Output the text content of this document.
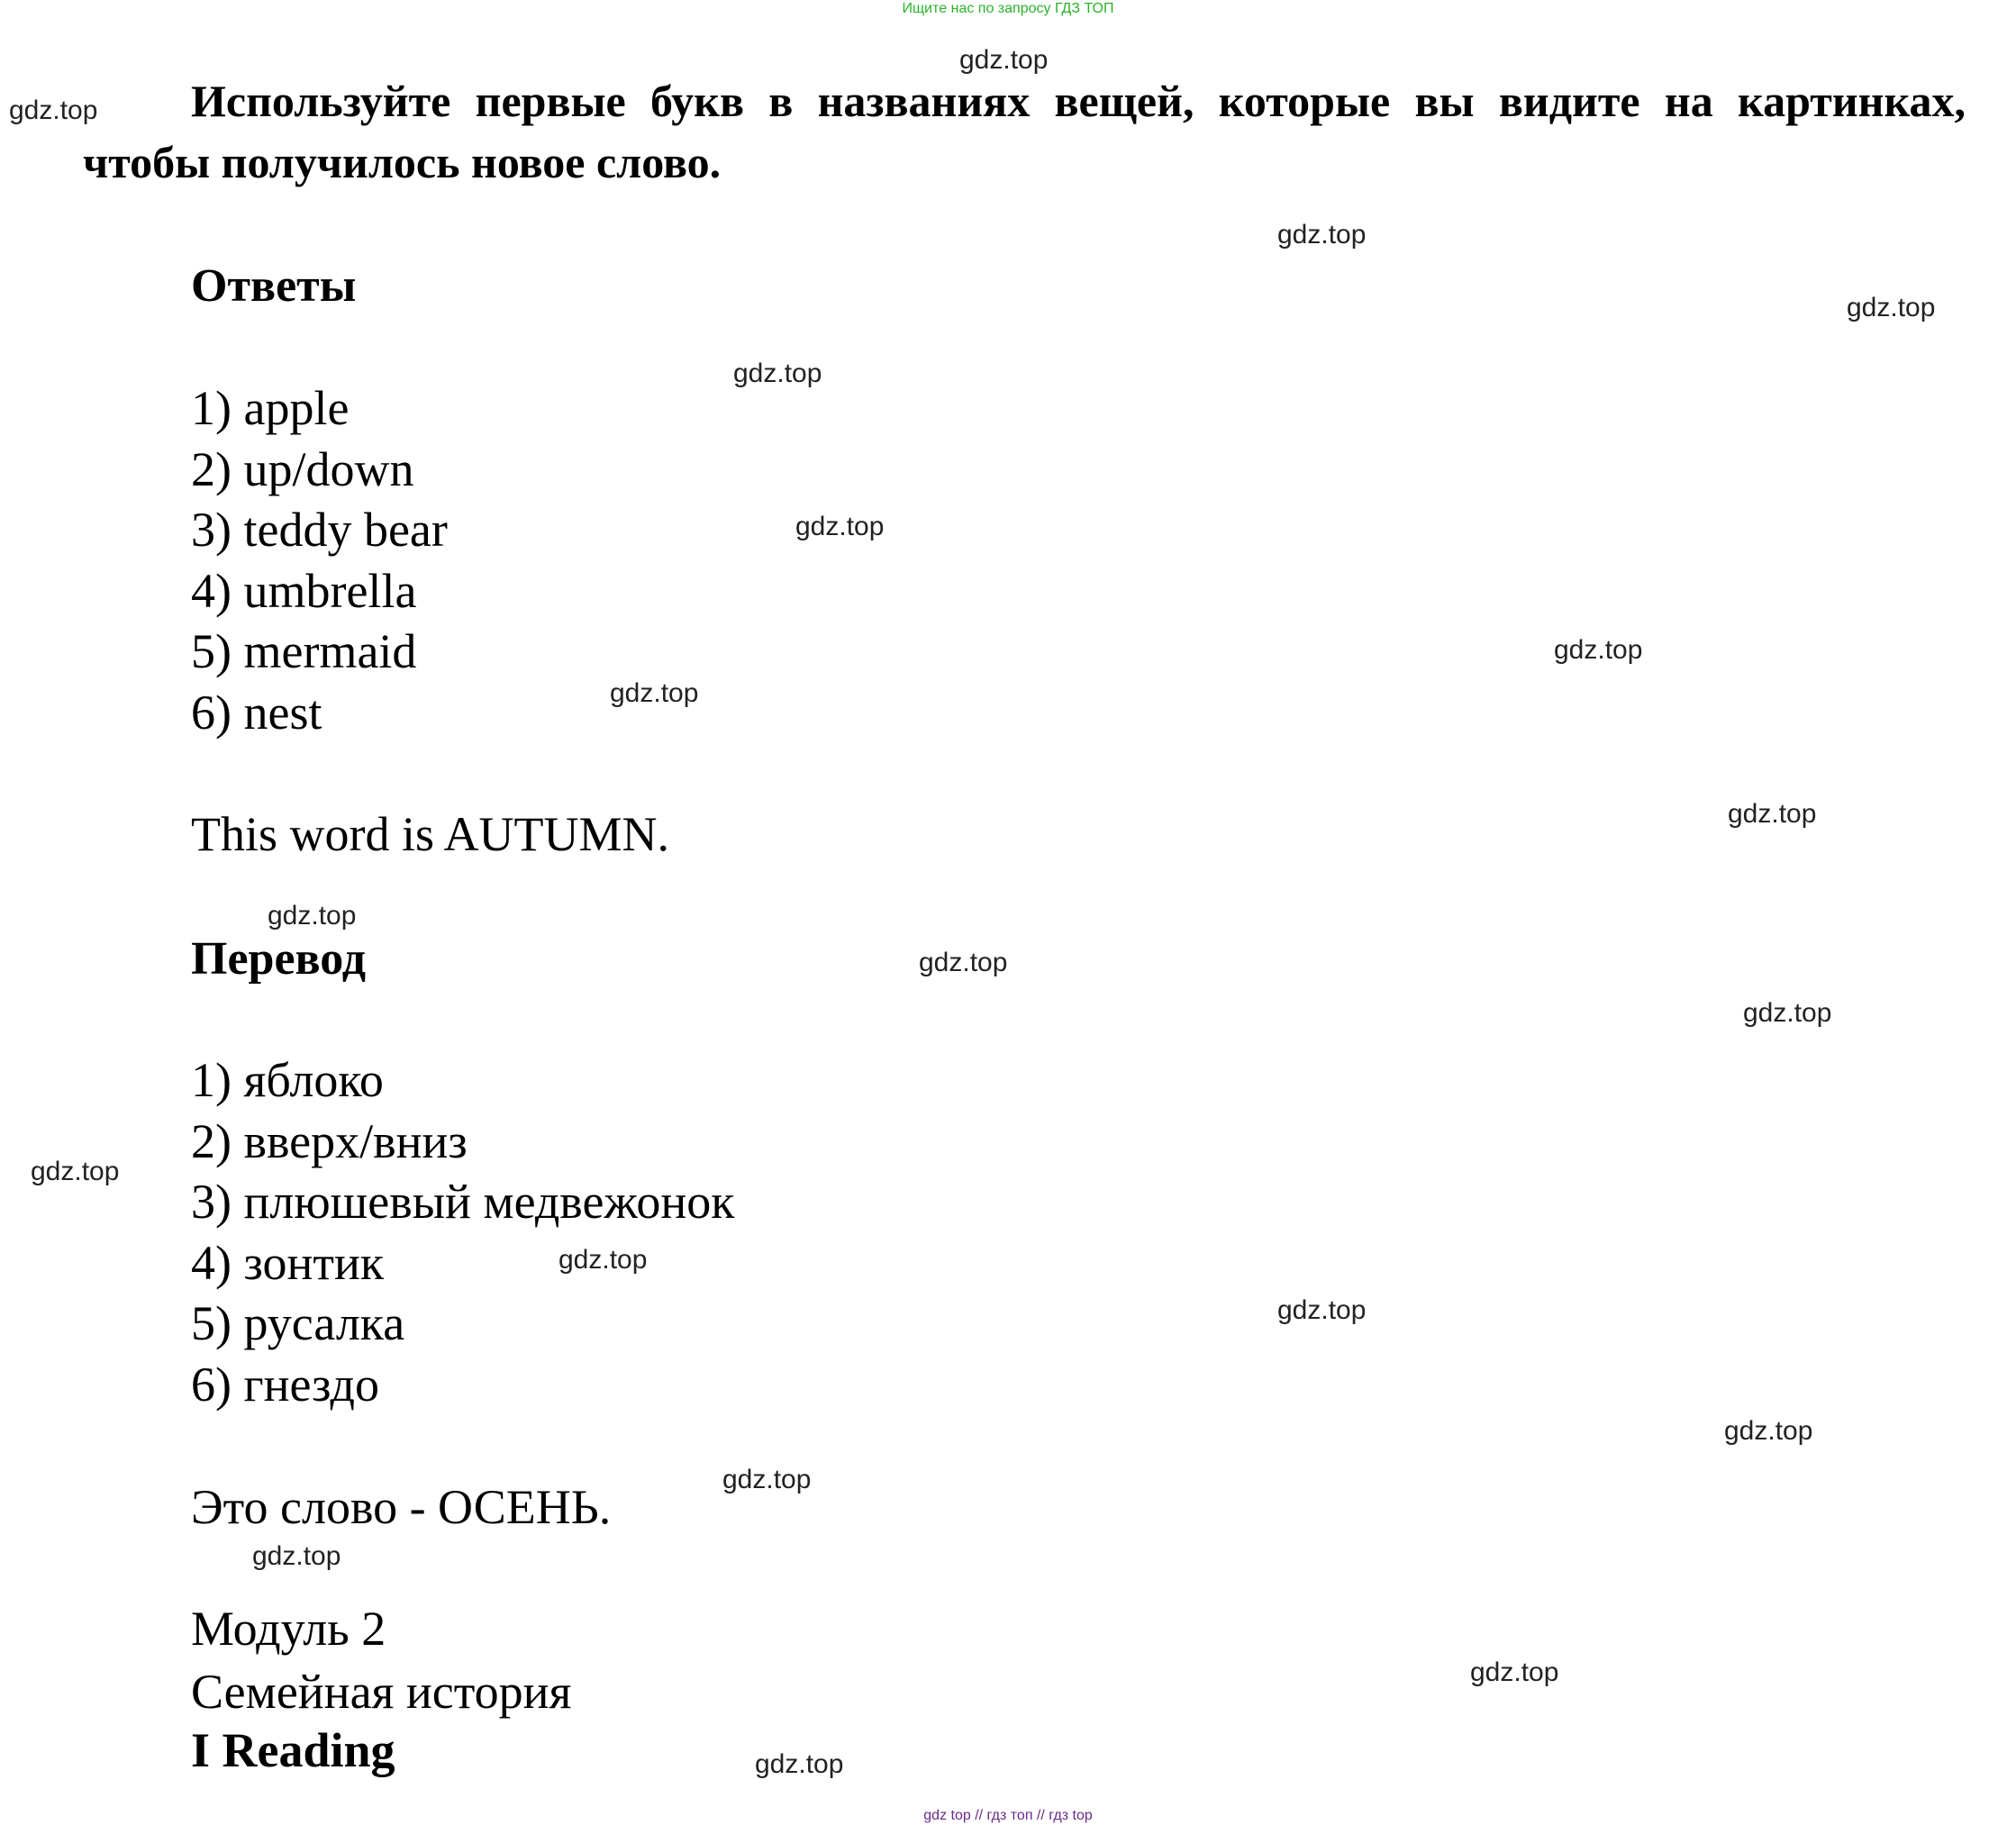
Ищите нас по запросу ГДЗ ТОП
Используйте первые букв в названиях вещей, которые вы видите на картинках, чтобы получилось новое слово.
Ответы
1) apple
2) up/down
3) teddy bear
4) umbrella
5) mermaid
6) nest
This word is AUTUMN.
Перевод
1) яблоко
2) вверх/вниз
3) плюшевый медвежонок
4) зонтик
5) русалка
6) гнездо
Это слово - ОСЕНЬ.
Модуль 2
Семейная история
I Reading
gdz.top
gdz.top
gdz.top
gdz.top
gdz.top
gdz.top
gdz.top
gdz.top
gdz.top
gdz.top
gdz.top
gdz.top
gdz.top
gdz.top
gdz.top
gdz.top
gdz.top
gdz.top
gdz.top
gdz.top
gdz top // гдз топ // гдз top
